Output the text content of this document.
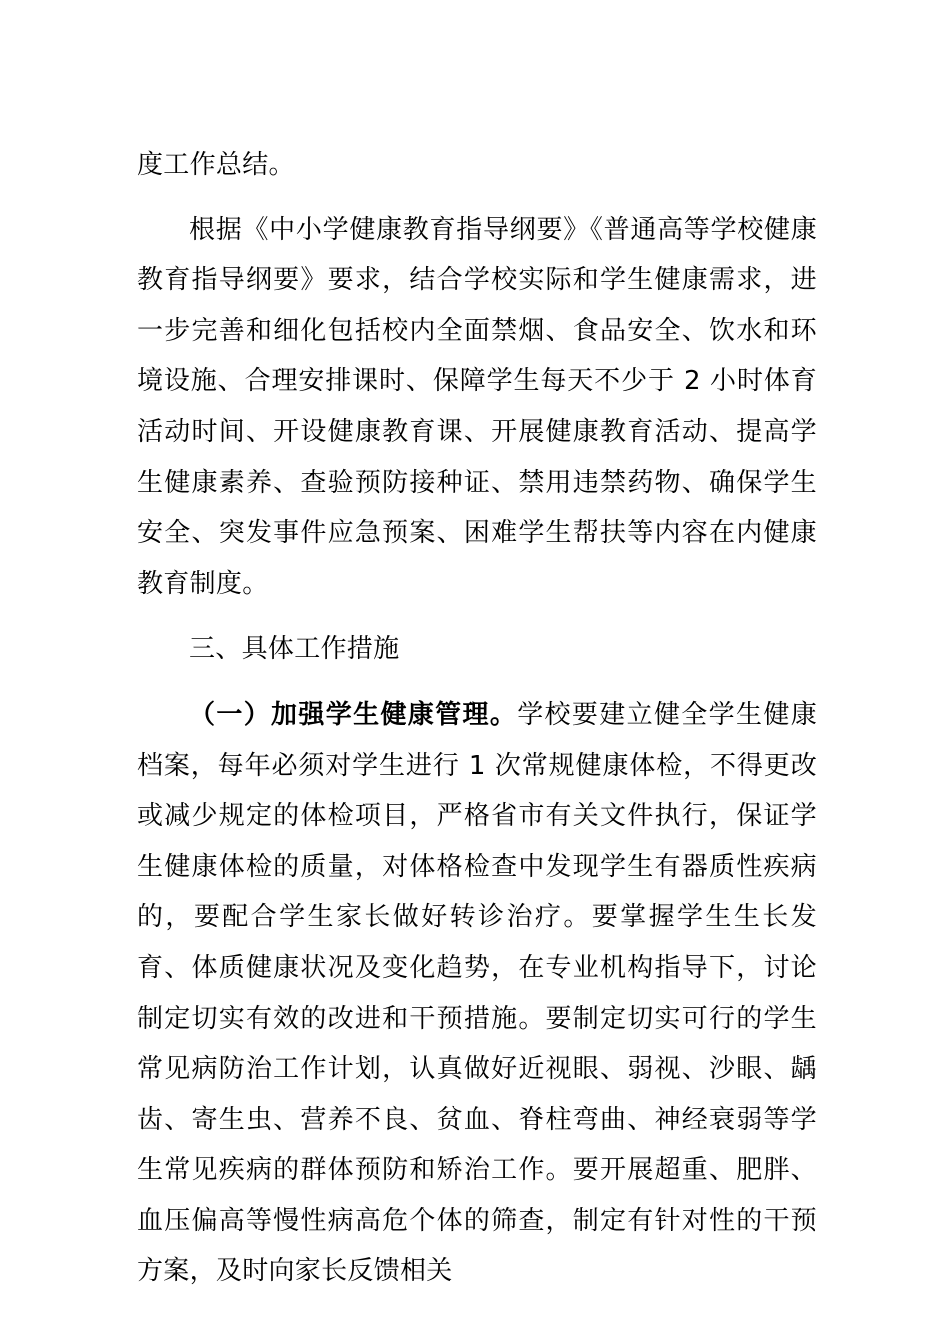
度工作总结。

根据《中小学健康教育指导纲要》《普通高等学校健康教育指导纲要》要求，结合学校实际和学生健康需求，进一步完善和细化包括校内全面禁烟、食品安全、饮水和环境设施、合理安排课时、保障学生每天不少于 2 小时体育活动时间、开设健康教育课、开展健康教育活动、提高学生健康素养、查验预防接种证、禁用违禁药物、确保学生安全、突发事件应急预案、困难学生帮扶等内容在内健康教育制度。

三、具体工作措施

（一）加强学生健康管理。学校要建立健全学生健康档案，每年必须对学生进行 1 次常规健康体检，不得更改或减少规定的体检项目，严格省市有关文件执行，保证学生健康体检的质量，对体格检查中发现学生有器质性疾病的，要配合学生家长做好转诊治疗。要掌握学生生长发育、体质健康状况及变化趋势，在专业机构指导下，讨论制定切实有效的改进和干预措施。要制定切实可行的学生常见病防治工作计划，认真做好近视眼、弱视、沙眼、龋齿、寄生虫、营养不良、贫血、脊柱弯曲、神经衰弱等学生常见疾病的群体预防和矫治工作。要开展超重、肥胖、血压偏高等慢性病高危个体的筛查，制定有针对性的干预方案，及时向家长反馈相关
